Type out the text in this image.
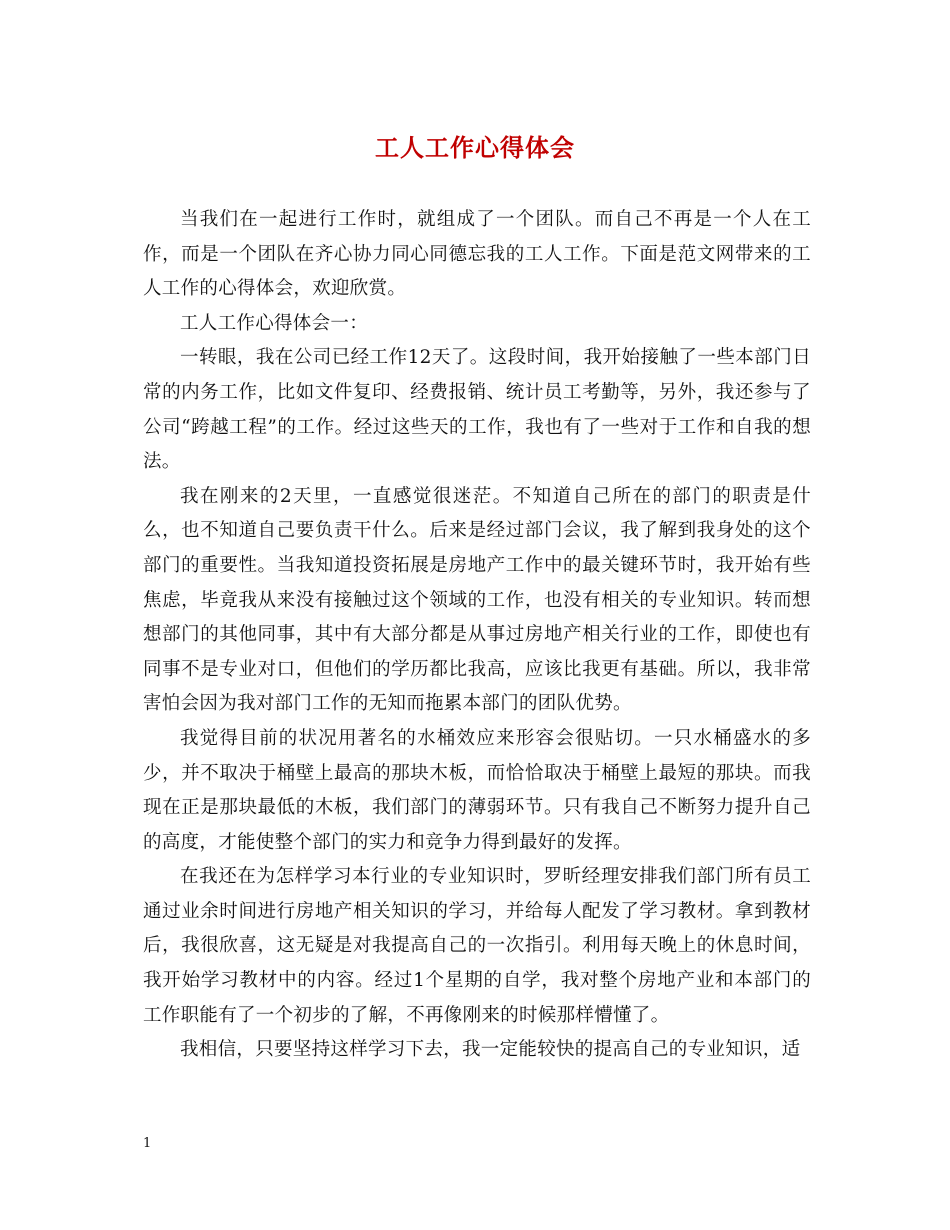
工人工作心得体会

当我们在一起进行工作时，就组成了一个团队。而自己不再是一个人在工作，而是一个团队在齐心协力同心同德忘我的工人工作。下面是范文网带来的工人工作的心得体会，欢迎欣赏。

工人工作心得体会一：

一转眼，我在公司已经工作12天了。这段时间，我开始接触了一些本部门日常的内务工作，比如文件复印、经费报销、统计员工考勤等，另外，我还参与了公司“跨越工程”的工作。经过这些天的工作，我也有了一些对于工作和自我的想法。

我在刚来的2天里，一直感觉很迷茫。不知道自己所在的部门的职责是什么，也不知道自己要负责干什么。后来是经过部门会议，我了解到我身处的这个部门的重要性。当我知道投资拓展是房地产工作中的最关键环节时，我开始有些焦虑，毕竟我从来没有接触过这个领域的工作，也没有相关的专业知识。转而想想部门的其他同事，其中有大部分都是从事过房地产相关行业的工作，即使也有同事不是专业对口，但他们的学历都比我高，应该比我更有基础。所以，我非常害怕会因为我对部门工作的无知而拖累本部门的团队优势。

我觉得目前的状况用著名的水桶效应来形容会很贴切。一只水桶盛水的多少，并不取决于桶壁上最高的那块木板，而恰恰取决于桶壁上最短的那块。而我现在正是那块最低的木板，我们部门的薄弱环节。只有我自己不断努力提升自己的高度，才能使整个部门的实力和竞争力得到最好的发挥。

在我还在为怎样学习本行业的专业知识时，罗昕经理安排我们部门所有员工通过业余时间进行房地产相关知识的学习，并给每人配发了学习教材。拿到教材后，我很欣喜，这无疑是对我提高自己的一次指引。利用每天晚上的休息时间，我开始学习教材中的内容。经过1个星期的自学，我对整个房地产业和本部门的工作职能有了一个初步的了解，不再像刚来的时候那样懵懂了。

我相信，只要坚持这样学习下去，我一定能较快的提高自己的专业知识，适

1
